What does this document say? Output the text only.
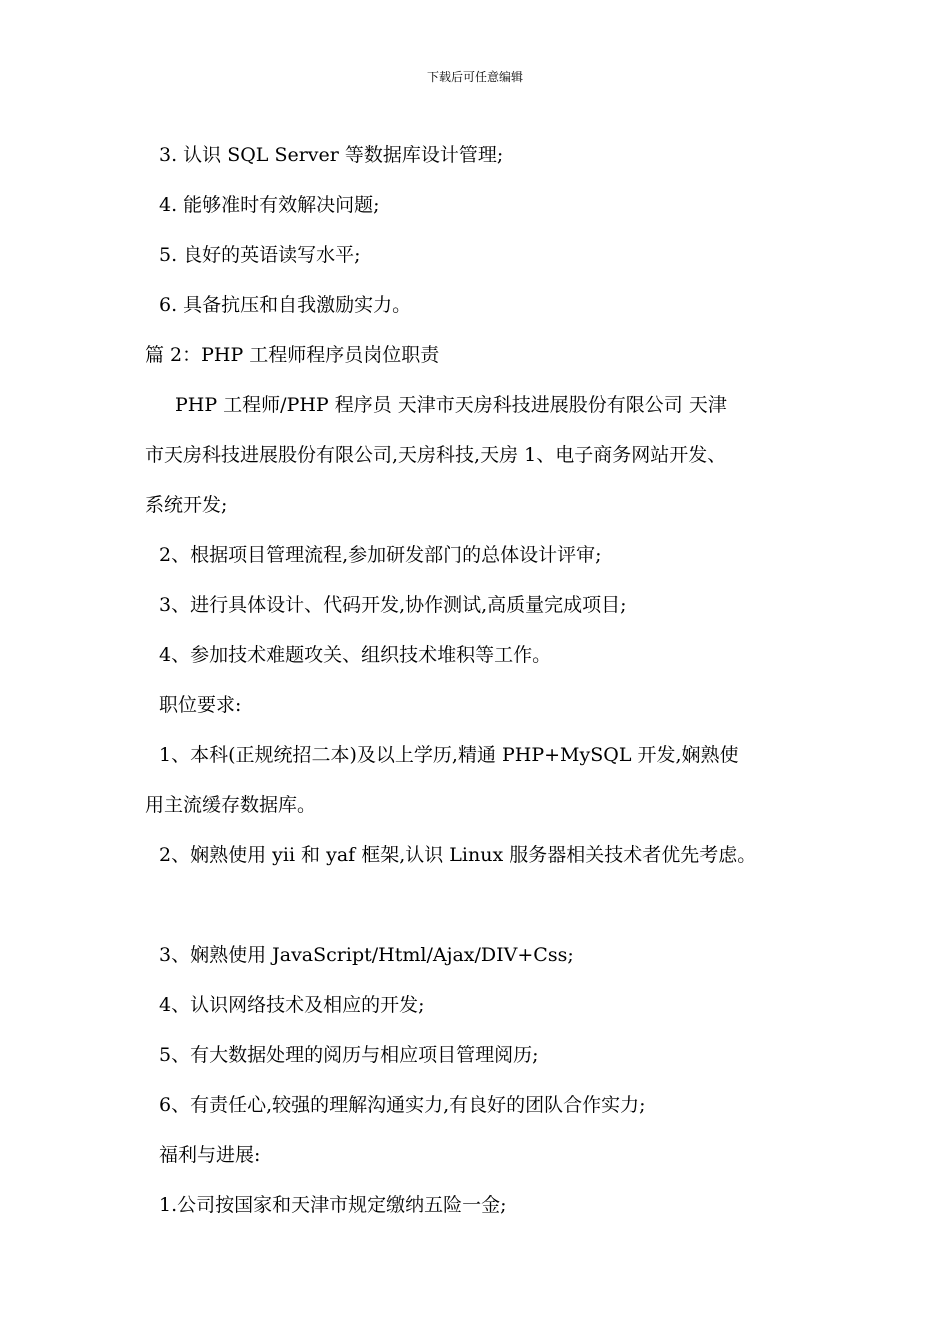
下载后可任意编辑
3. 认识 SQL Server 等数据库设计管理;
4. 能够准时有效解决问题;
5. 良好的英语读写水平;
6. 具备抗压和自我激励实力。
篇 2：PHP 工程师程序员岗位职责
PHP 工程师/PHP 程序员 天津市天房科技进展股份有限公司 天津
市天房科技进展股份有限公司,天房科技,天房 1、电子商务网站开发、
系统开发;
2、根据项目管理流程,参加研发部门的总体设计评审;
3、进行具体设计、代码开发,协作测试,高质量完成项目;
4、参加技术难题攻关、组织技术堆积等工作。
职位要求:
1、本科(正规统招二本)及以上学历,精通 PHP+MySQL 开发,娴熟使
用主流缓存数据库。
2、娴熟使用 yii 和 yaf 框架,认识 Linux 服务器相关技术者优先考虑。
3、娴熟使用 JavaScript/Html/Ajax/DIV+Css;
4、认识网络技术及相应的开发;
5、有大数据处理的阅历与相应项目管理阅历;
6、有责任心,较强的理解沟通实力,有良好的团队合作实力;
福利与进展:
1.公司按国家和天津市规定缴纳五险一金;
